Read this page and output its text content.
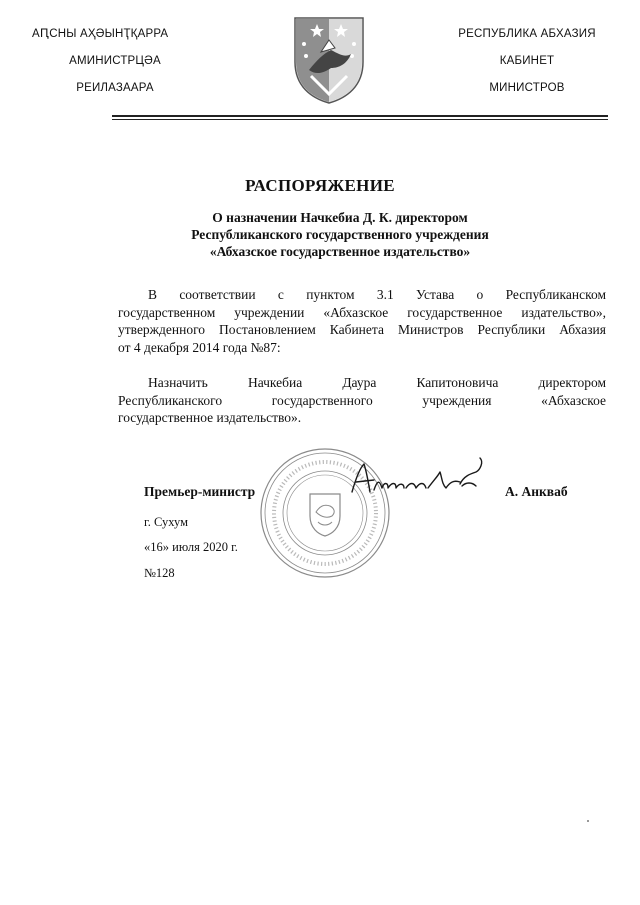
АԤСНЫ АҲӘЫНҬҚАРРА
АМИНИСТРЦӘА
РЕИЛАЗААРА
РЕСПУБЛИКА АБХАЗИЯ
КАБИНЕТ
МИНИСТРОВ
РАСПОРЯЖЕНИЕ
О назначении Начкебиа Д. К. директором
Республиканского государственного учреждения
«Абхазское государственное издательство»
В соответствии с пунктом 3.1 Устава о Республиканском
государственном учреждении «Абхазское государственное издательство»,
утвержденного Постановлением Кабинета Министров Республики Абхазия
от 4 декабря 2014 года №87:
Назначить Начкебиа Даура Капитоновича директором
Республиканского государственного учреждения «Абхазское
государственное издательство».
Премьер-министр	А. Анкваб
г. Сухум
«16» июля 2020 г.
№128
